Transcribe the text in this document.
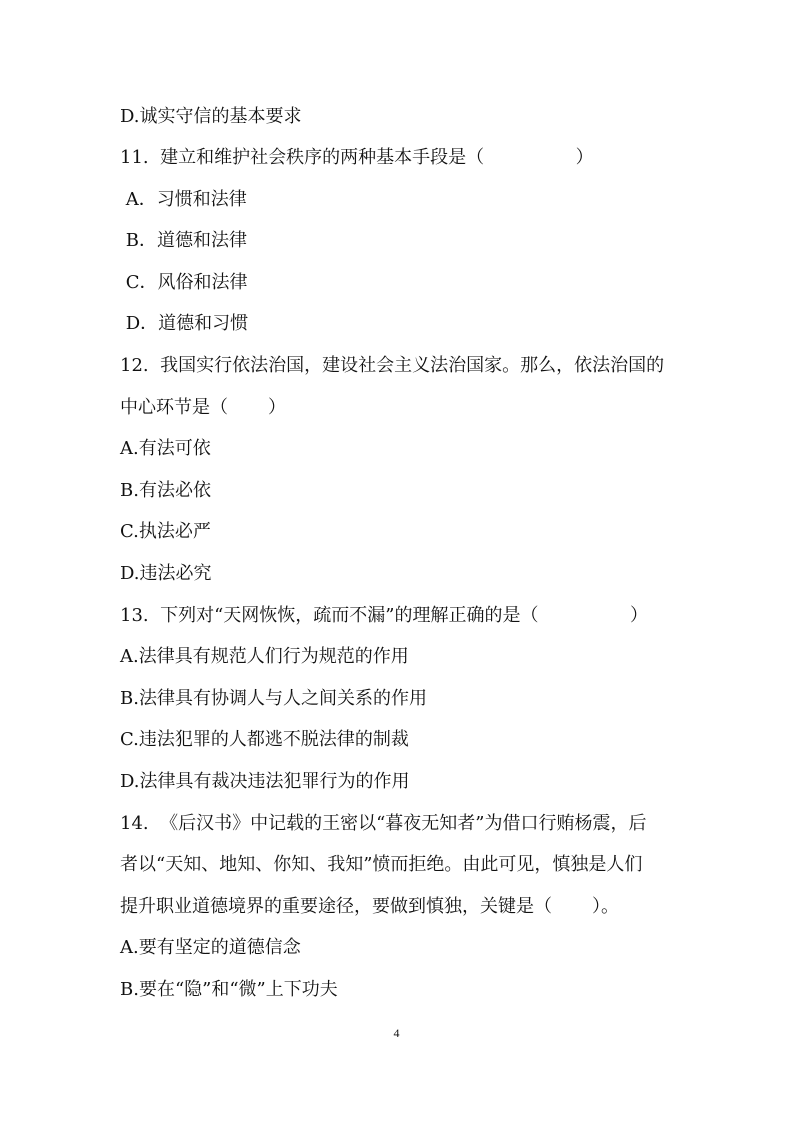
D.诚实守信的基本要求
11.  建立和维护社会秩序的两种基本手段是（                ）
A．习惯和法律
B．道德和法律
C．风俗和法律
D．道德和习惯
12.  我国实行依法治国，建设社会主义法治国家。那么，依法治国的
中心环节是（       ）
A.有法可依
B.有法必依
C.执法必严
D.违法必究
13.  下列对“天网恢恢，疏而不漏”的理解正确的是（                ）
A.法律具有规范人们行为规范的作用
B.法律具有协调人与人之间关系的作用
C.违法犯罪的人都逃不脱法律的制裁
D.法律具有裁决违法犯罪行为的作用
14.  《后汉书》中记载的王密以“暮夜无知者”为借口行贿杨震，后
者以“天知、地知、你知、我知”愤而拒绝。由此可见，慎独是人们
提升职业道德境界的重要途径，要做到慎独，关键是（       ）。
A.要有坚定的道德信念
B.要在“隐”和“微”上下功夫
4
